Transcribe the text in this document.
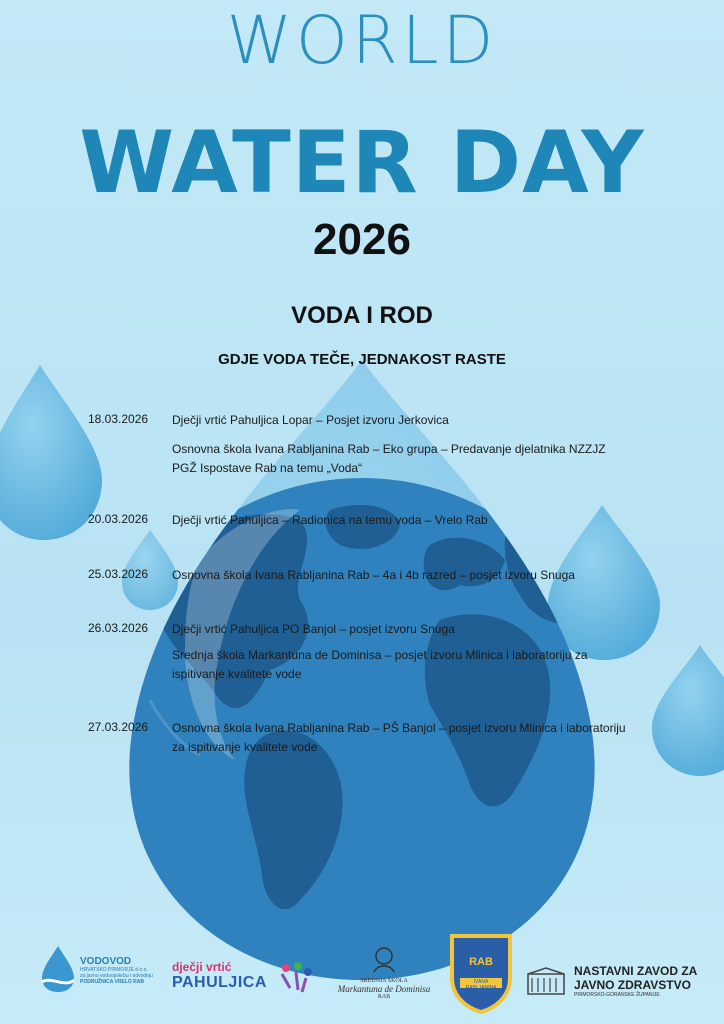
WORLD
WATER DAY
2026
VODA I ROD
GDJE VODA TEČE, JEDNAKOST RASTE
18.03.2026	Dječji vrtić Pahuljica Lopar – Posjet izvoru Jerkovica
Osnovna škola Ivana Rabljanina Rab – Eko grupa – Predavanje djelatnika NZZJZ PGŽ Ispostave Rab na temu „Voda“
20.03.2026	Dječji vrtić Pahuljica – Radionica na temu voda – Vrelo Rab
25.03.2026	Osnovna škola Ivana Rabljanina Rab – 4a i 4b razred – posjet izvoru Snuga
26.03.2026	Dječji vrtić Pahuljica PO Banjol – posjet izvoru Snuga
Srednja škola Markantuna de Dominisa – posjet izvoru Mlinica i laboratoriju za ispitivanje kvalitete vode
27.03.2026	Osnovna škola Ivana Rabljanina Rab – PŠ Banjol – posjet izvoru Mlinica i laboratoriju za ispitivanje kvalitete vode
VODOVOD
HRVATSKO PRIMORJE d.o.o.
za javnu vodoopskrbu i odvodnju
PODRUŽNICA VRELO RAB
dječji vrtić
PAHULJICA	SREDNJA ŠKOLA
Markantuna de Dominisa
RAB
RAB
IVANA RABLJANINA
NASTAVNI ZAVOD ZA
JAVNO ZDRAVSTVO
PRIMORSKO-GORANSKE ŽUPANIJE
